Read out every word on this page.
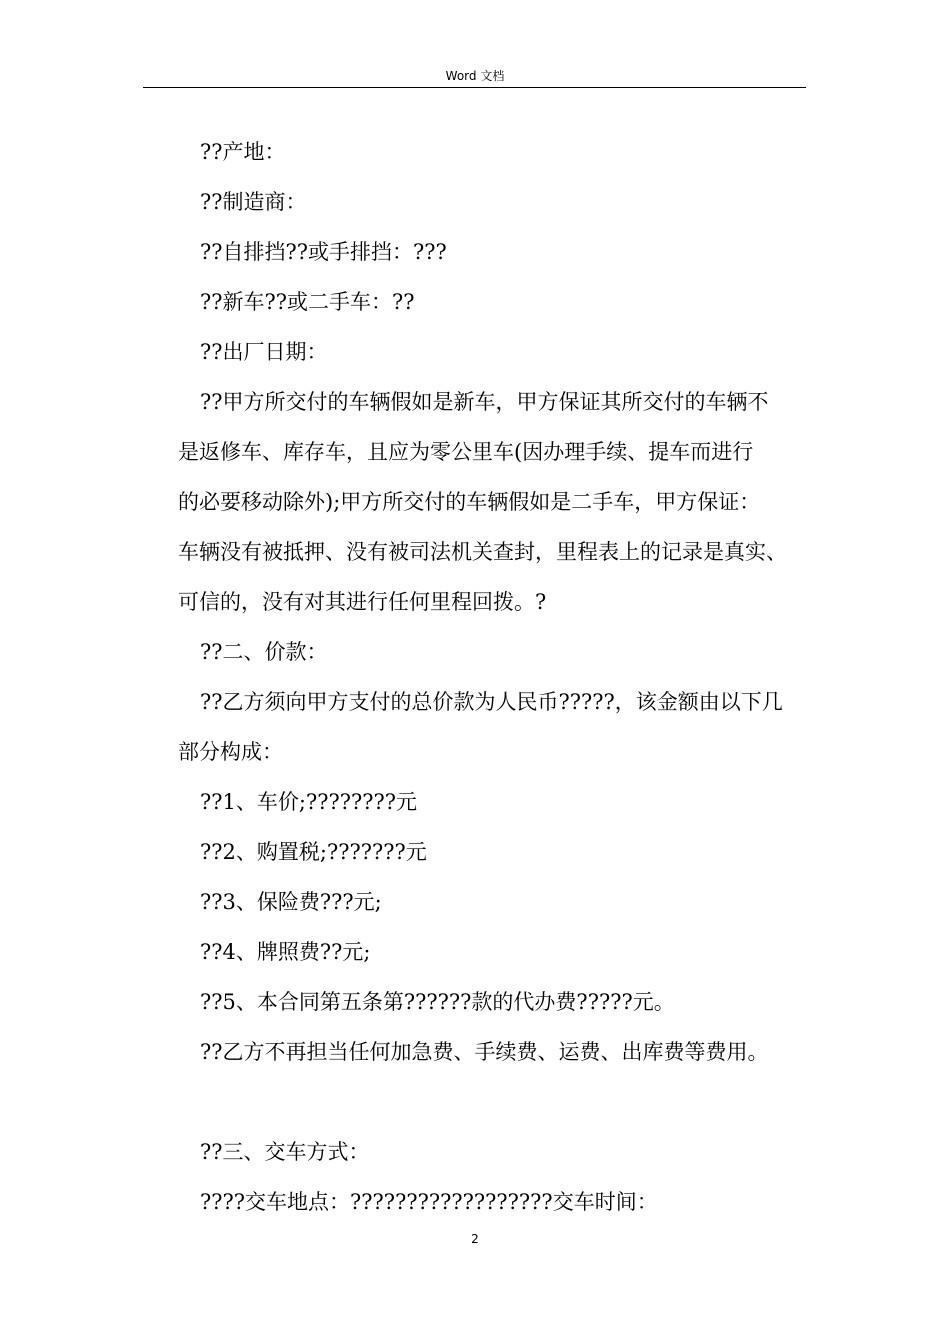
Word 文档
??产地：
??制造商：
??自排挡??或手排挡：???
??新车??或二手车：??
??出厂日期：
??甲方所交付的车辆假如是新车，甲方保证其所交付的车辆不
是返修车、库存车，且应为零公里车(因办理手续、提车而进行
的必要移动除外);甲方所交付的车辆假如是二手车，甲方保证：
车辆没有被抵押、没有被司法机关查封，里程表上的记录是真实、
可信的，没有对其进行任何里程回拨。?
??二、价款：
??乙方须向甲方支付的总价款为人民币?????，该金额由以下几
部分构成：
??1、车价;????????元
??2、购置税;???????元
??3、保险费???元;
??4、牌照费??元;
??5、本合同第五条第??????款的代办费?????元。
??乙方不再担当任何加急费、手续费、运费、出库费等费用。
??三、交车方式：
????交车地点：??????????????????交车时间：
2
